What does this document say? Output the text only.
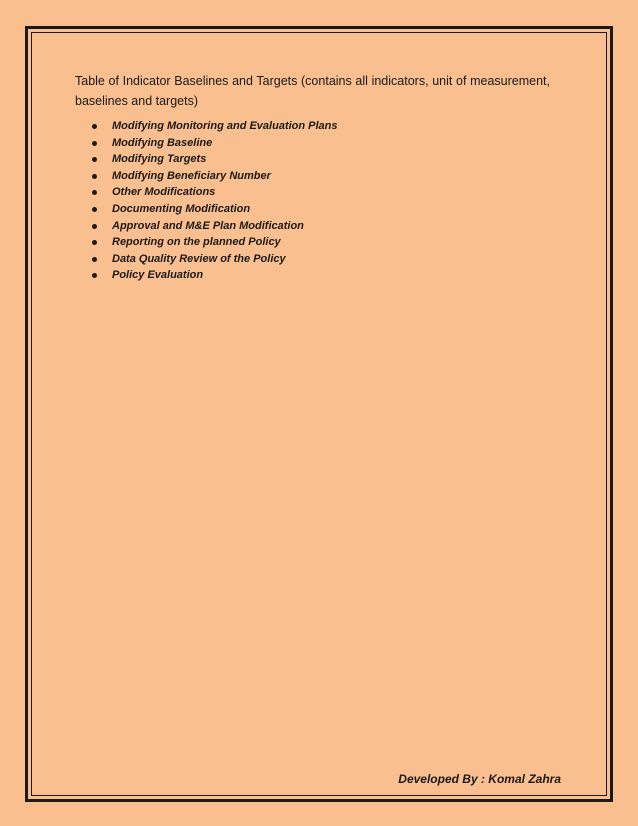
Table of Indicator Baselines and Targets (contains all indicators, unit of measurement, baselines and targets)
Modifying Monitoring and Evaluation Plans
Modifying Baseline
Modifying Targets
Modifying Beneficiary Number
Other Modifications
Documenting Modification
Approval and M&E Plan Modification
Reporting on the planned Policy
Data Quality Review of the Policy
Policy Evaluation
Developed By : Komal Zahra
